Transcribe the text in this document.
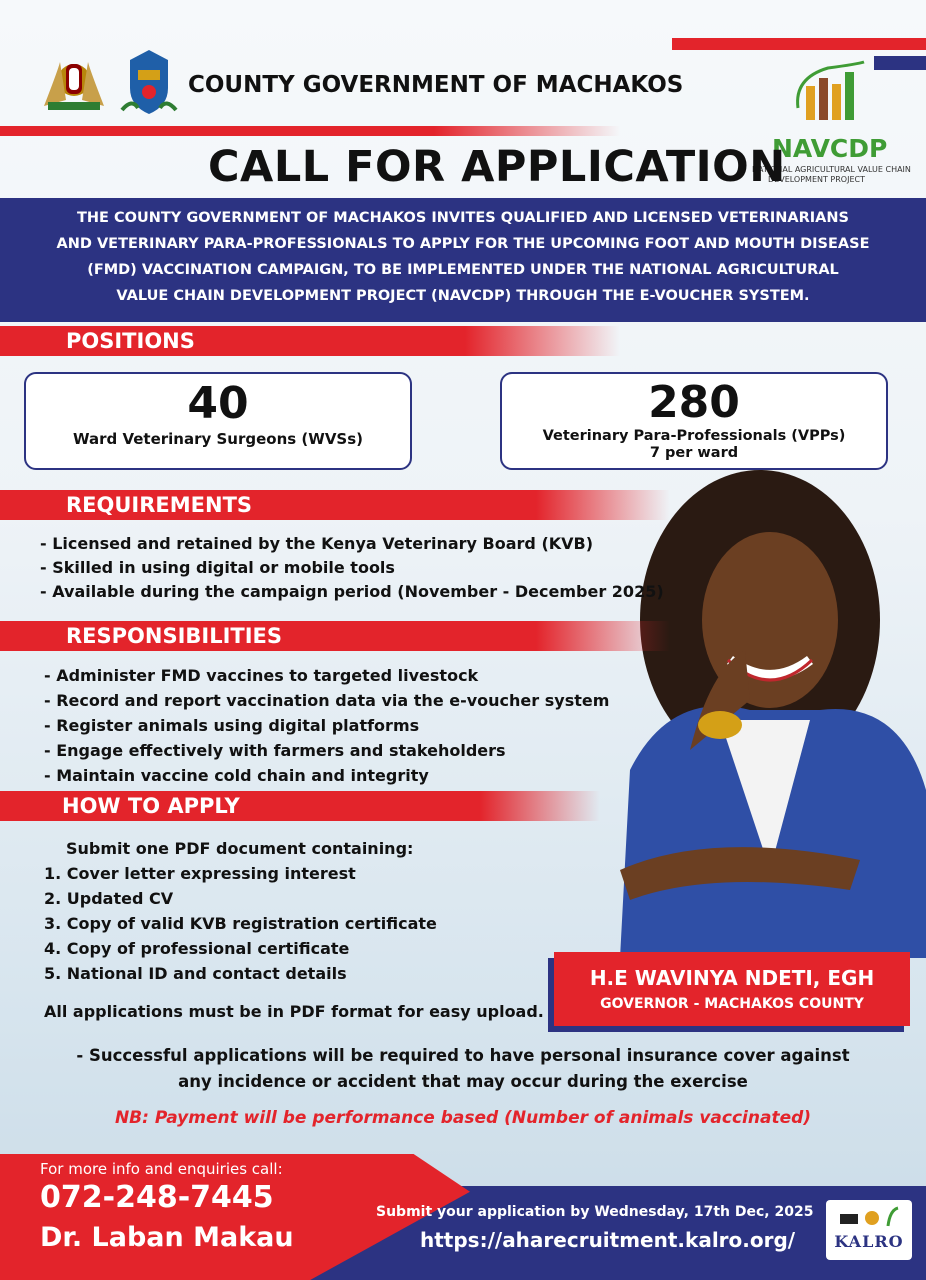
COUNTY GOVERNMENT OF MACHAKOS
NAVCDP
NATIONAL AGRICULTURAL VALUE CHAIN
DEVELOPMENT PROJECT
CALL FOR APPLICATION
THE COUNTY GOVERNMENT OF MACHAKOS INVITES QUALIFIED AND LICENSED VETERINARIANS
AND VETERINARY PARA-PROFESSIONALS TO APPLY FOR THE UPCOMING FOOT AND MOUTH DISEASE
(FMD) VACCINATION CAMPAIGN, TO BE IMPLEMENTED UNDER THE NATIONAL AGRICULTURAL
VALUE CHAIN DEVELOPMENT PROJECT (NAVCDP) THROUGH THE E-VOUCHER SYSTEM.
POSITIONS
40
Ward Veterinary Surgeons (WVSs)
280
Veterinary Para-Professionals (VPPs)
7 per ward
REQUIREMENTS
- Licensed and retained by the Kenya Veterinary Board (KVB)
- Skilled in using digital or mobile tools
- Available during the campaign period (November - December 2025)
RESPONSIBILITIES
- Administer FMD vaccines to targeted livestock
- Record and report vaccination data via the e-voucher system
- Register animals using digital platforms
- Engage effectively with farmers and stakeholders
- Maintain vaccine cold chain and integrity
HOW TO APPLY
Submit one PDF document containing:
1. Cover letter expressing interest
2. Updated CV
3. Copy of valid KVB registration certificate
4. Copy of professional certificate
5. National ID and contact details
All applications must be in PDF format for easy upload.
H.E WAVINYA NDETI, EGH
GOVERNOR - MACHAKOS COUNTY
- Successful applications will be required to have personal insurance cover against
any incidence or accident that may occur during the exercise
NB: Payment will be performance based (Number of animals vaccinated)
For more info and enquiries call:
072-248-7445
Dr. Laban Makau
Submit your application by Wednesday, 17th Dec, 2025
https://aharecruitment.kalro.org/	KALRO
